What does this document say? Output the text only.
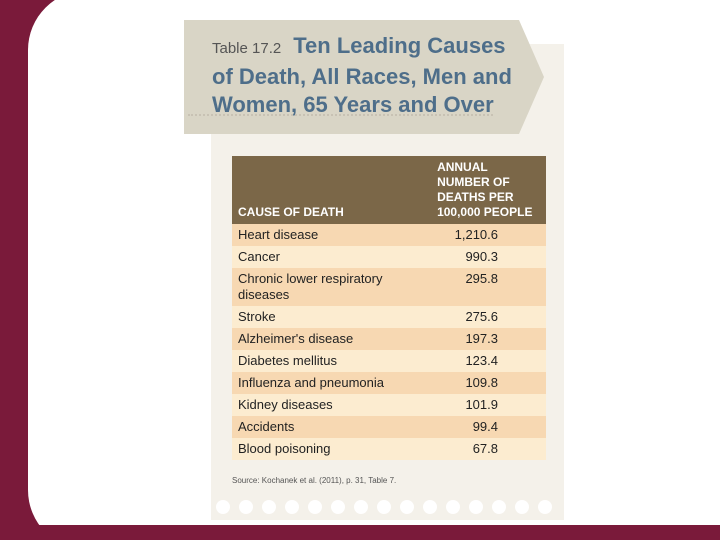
Table 17.2 Ten Leading Causes of Death, All Races, Men and Women, 65 Years and Over
CAUSE OF DEATH	ANNUAL NUMBER OF DEATHS PER 100,000 PEOPLE
Heart disease	1,210.6
Cancer	990.3
Chronic lower respiratory diseases	295.8
Stroke	275.6
Alzheimer's disease	197.3
Diabetes mellitus	123.4
Influenza and pneumonia	109.8
Kidney diseases	101.9
Accidents	99.4
Blood poisoning	67.8
Source: Kochanek et al. (2011), p. 31, Table 7.
